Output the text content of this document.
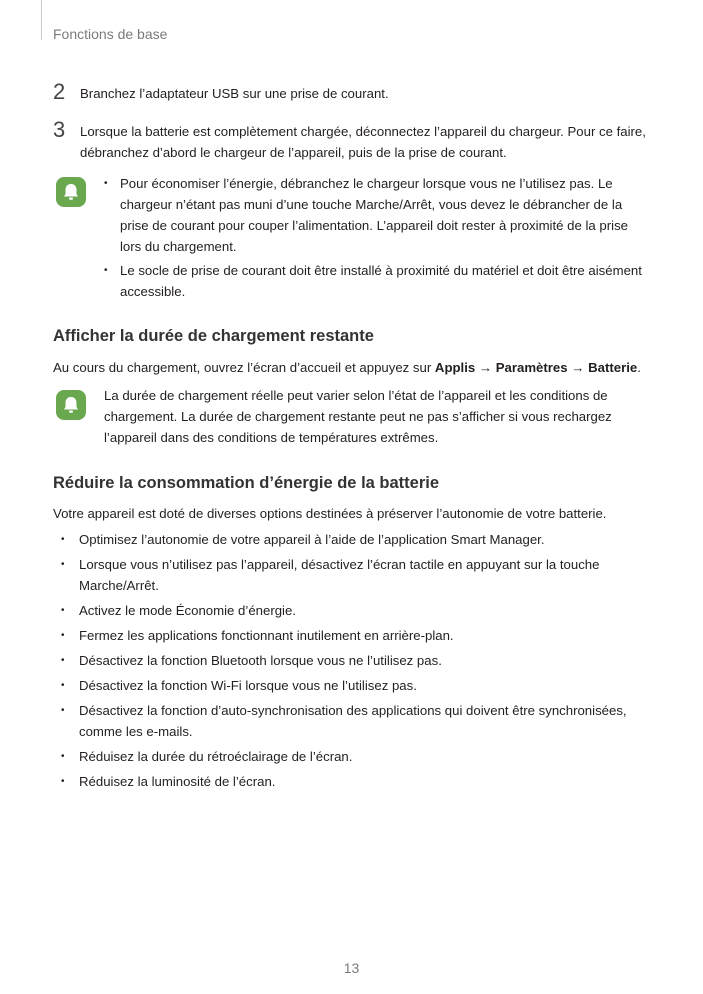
Fonctions de base
2 Branchez l’adaptateur USB sur une prise de courant.
3 Lorsque la batterie est complètement chargée, déconnectez l’appareil du chargeur. Pour ce faire, débranchez d’abord le chargeur de l’appareil, puis de la prise de courant.
• Pour économiser l’énergie, débranchez le chargeur lorsque vous ne l’utilisez pas. Le chargeur n’étant pas muni d’une touche Marche/Arrêt, vous devez le débrancher de la prise de courant pour couper l’alimentation. L’appareil doit rester à proximité de la prise lors du chargement.
• Le socle de prise de courant doit être installé à proximité du matériel et doit être aisément accessible.
Afficher la durée de chargement restante
Au cours du chargement, ouvrez l’écran d’accueil et appuyez sur Applis → Paramètres → Batterie.
La durée de chargement réelle peut varier selon l’état de l’appareil et les conditions de chargement. La durée de chargement restante peut ne pas s’afficher si vous rechargez l’appareil dans des conditions de températures extrêmes.
Réduire la consommation d’énergie de la batterie
Votre appareil est doté de diverses options destinées à préserver l’autonomie de votre batterie.
• Optimisez l’autonomie de votre appareil à l’aide de l’application Smart Manager.
• Lorsque vous n’utilisez pas l’appareil, désactivez l’écran tactile en appuyant sur la touche Marche/Arrêt.
• Activez le mode Économie d’énergie.
• Fermez les applications fonctionnant inutilement en arrière-plan.
• Désactivez la fonction Bluetooth lorsque vous ne l’utilisez pas.
• Désactivez la fonction Wi-Fi lorsque vous ne l’utilisez pas.
• Désactivez la fonction d’auto-synchronisation des applications qui doivent être synchronisées, comme les e-mails.
• Réduisez la durée du rétroéclairage de l’écran.
• Réduisez la luminosité de l’écran.
13
